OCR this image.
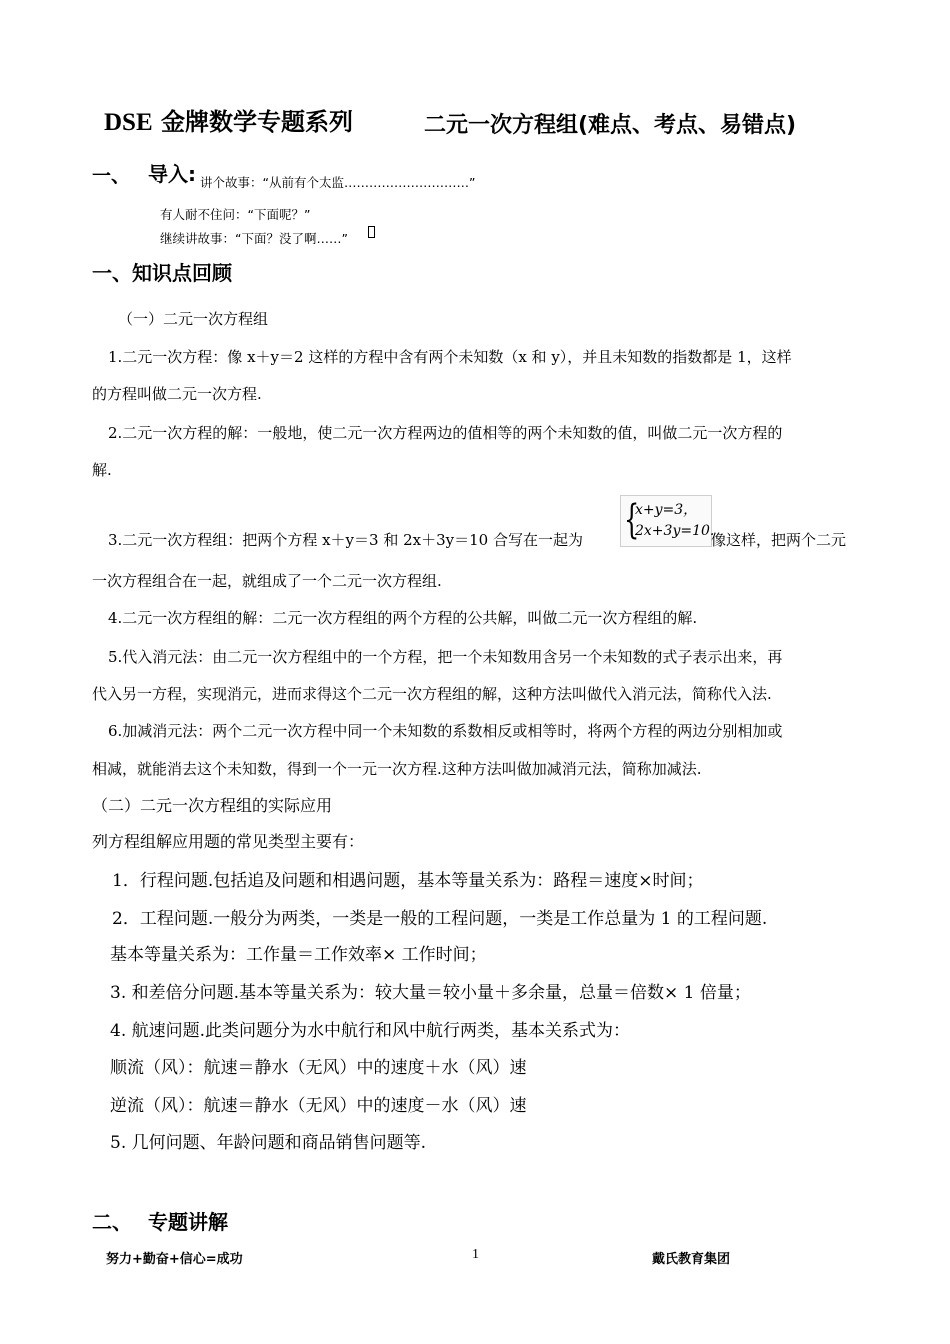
DSE 金牌数学专题系列	二元一次方程组(难点、考点、易错点)
一、 导入: 讲个故事：“从前有个太监…………………………”
有人耐不住问：“下面呢？”
继续讲故事：“下面？没了啊……”
一、知识点回顾
（一）二元一次方程组
1.二元一次方程：像 x＋y＝2 这样的方程中含有两个未知数（x 和 y），并且未知数的指数都是 1，这样
的方程叫做二元一次方程.
2.二元一次方程的解：一般地，使二元一次方程两边的值相等的两个未知数的值，叫做二元一次方程的
解.
3.二元一次方程组：把两个方程 x＋y＝3 和 2x＋3y＝10 合写在一起为 {
x+y=3，
2x+3y=10.
像这样，把两个二元
一次方程组合在一起，就组成了一个二元一次方程组.
4.二元一次方程组的解：二元一次方程组的两个方程的公共解，叫做二元一次方程组的解.
5.代入消元法：由二元一次方程组中的一个方程，把一个未知数用含另一个未知数的式子表示出来，再
代入另一方程，实现消元，进而求得这个二元一次方程组的解，这种方法叫做代入消元法，简称代入法.
6.加减消元法：两个二元一次方程中同一个未知数的系数相反或相等时，将两个方程的两边分别相加或
相减，就能消去这个未知数，得到一个一元一次方程.这种方法叫做加减消元法，简称加减法.
（二）二元一次方程组的实际应用
列方程组解应用题的常见类型主要有：
1．行程问题.包括追及问题和相遇问题，基本等量关系为：路程＝速度×时间；
2．工程问题.一般分为两类，一类是一般的工程问题，一类是工作总量为 1 的工程问题.
基本等量关系为：工作量＝工作效率× 工作时间；
3. 和差倍分问题.基本等量关系为：较大量＝较小量＋多余量，总量＝倍数× 1 倍量；
4. 航速问题.此类问题分为水中航行和风中航行两类，基本关系式为：
顺流（风）：航速＝静水（无风）中的速度＋水（风）速
逆流（风）：航速＝静水（无风）中的速度－水（风）速
5. 几何问题、年龄问题和商品销售问题等.
二、 专题讲解
努力+勤奋+信心=成功	1	戴氏教育集团
